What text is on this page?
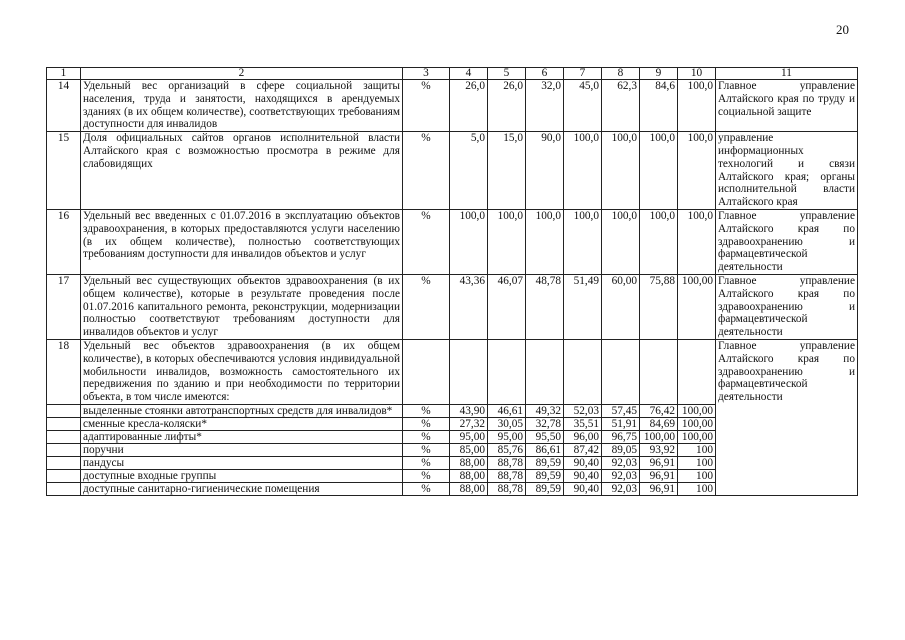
20
1	2	3	4	5	6	7	8	9	10	11
14	Удельный вес организаций в сфере социальной защиты населения, труда и занятости, находящихся в арендуемых зданиях (в их общем количестве), соответствующих требованиям доступности для инвалидов	%	26,0	26,0	32,0	45,0	62,3	84,6	100,0	Главное управление Алтайского края по труду и социальной защите
15	Доля официальных сайтов органов исполнительной власти Алтайского края с возможностью просмотра в режиме для слабовидящих	%	5,0	15,0	90,0	100,0	100,0	100,0	100,0	управление информационных технологий и связи Алтайского края; органы исполнительной власти Алтайского края
16	Удельный вес введенных с 01.07.2016 в эксплуатацию объектов здравоохранения, в которых предоставляются услуги населению (в их общем количестве), полностью соответствующих требованиям доступности для инвалидов объектов и услуг	%	100,0	100,0	100,0	100,0	100,0	100,0	100,0	Главное управление Алтайского края по здравоохранению и фармацевтической деятельности
17	Удельный вес существующих объектов здравоохранения (в их общем количестве), которые в результате проведения после 01.07.2016 капитального ремонта, реконструкции, модернизации полностью соответствуют требованиям доступности для инвалидов объектов и услуг	%	43,36	46,07	48,78	51,49	60,00	75,88	100,00	Главное управление Алтайского края по здравоохранению и фармацевтической деятельности
18	Удельный вес объектов здравоохранения (в их общем количестве), в которых обеспечиваются условия индивидуальной мобильности инвалидов, возможность самостоятельного их передвижения по зданию и при необходимости по территории объекта, в том числе имеются:									Главное управление Алтайского края по здравоохранению и фармацевтической деятельности
	выделенные стоянки автотранспортных средств для инвалидов*	%	43,90	46,61	49,32	52,03	57,45	76,42	100,00	
	сменные кресла-коляски*	%	27,32	30,05	32,78	35,51	51,91	84,69	100,00	
	адаптированные лифты*	%	95,00	95,00	95,50	96,00	96,75	100,00	100,00	
	поручни	%	85,00	85,76	86,61	87,42	89,05	93,92	100	
	пандусы	%	88,00	88,78	89,59	90,40	92,03	96,91	100	
	доступные входные группы	%	88,00	88,78	89,59	90,40	92,03	96,91	100	
	доступные санитарно-гигиенические помещения	%	88,00	88,78	89,59	90,40	92,03	96,91	100	
